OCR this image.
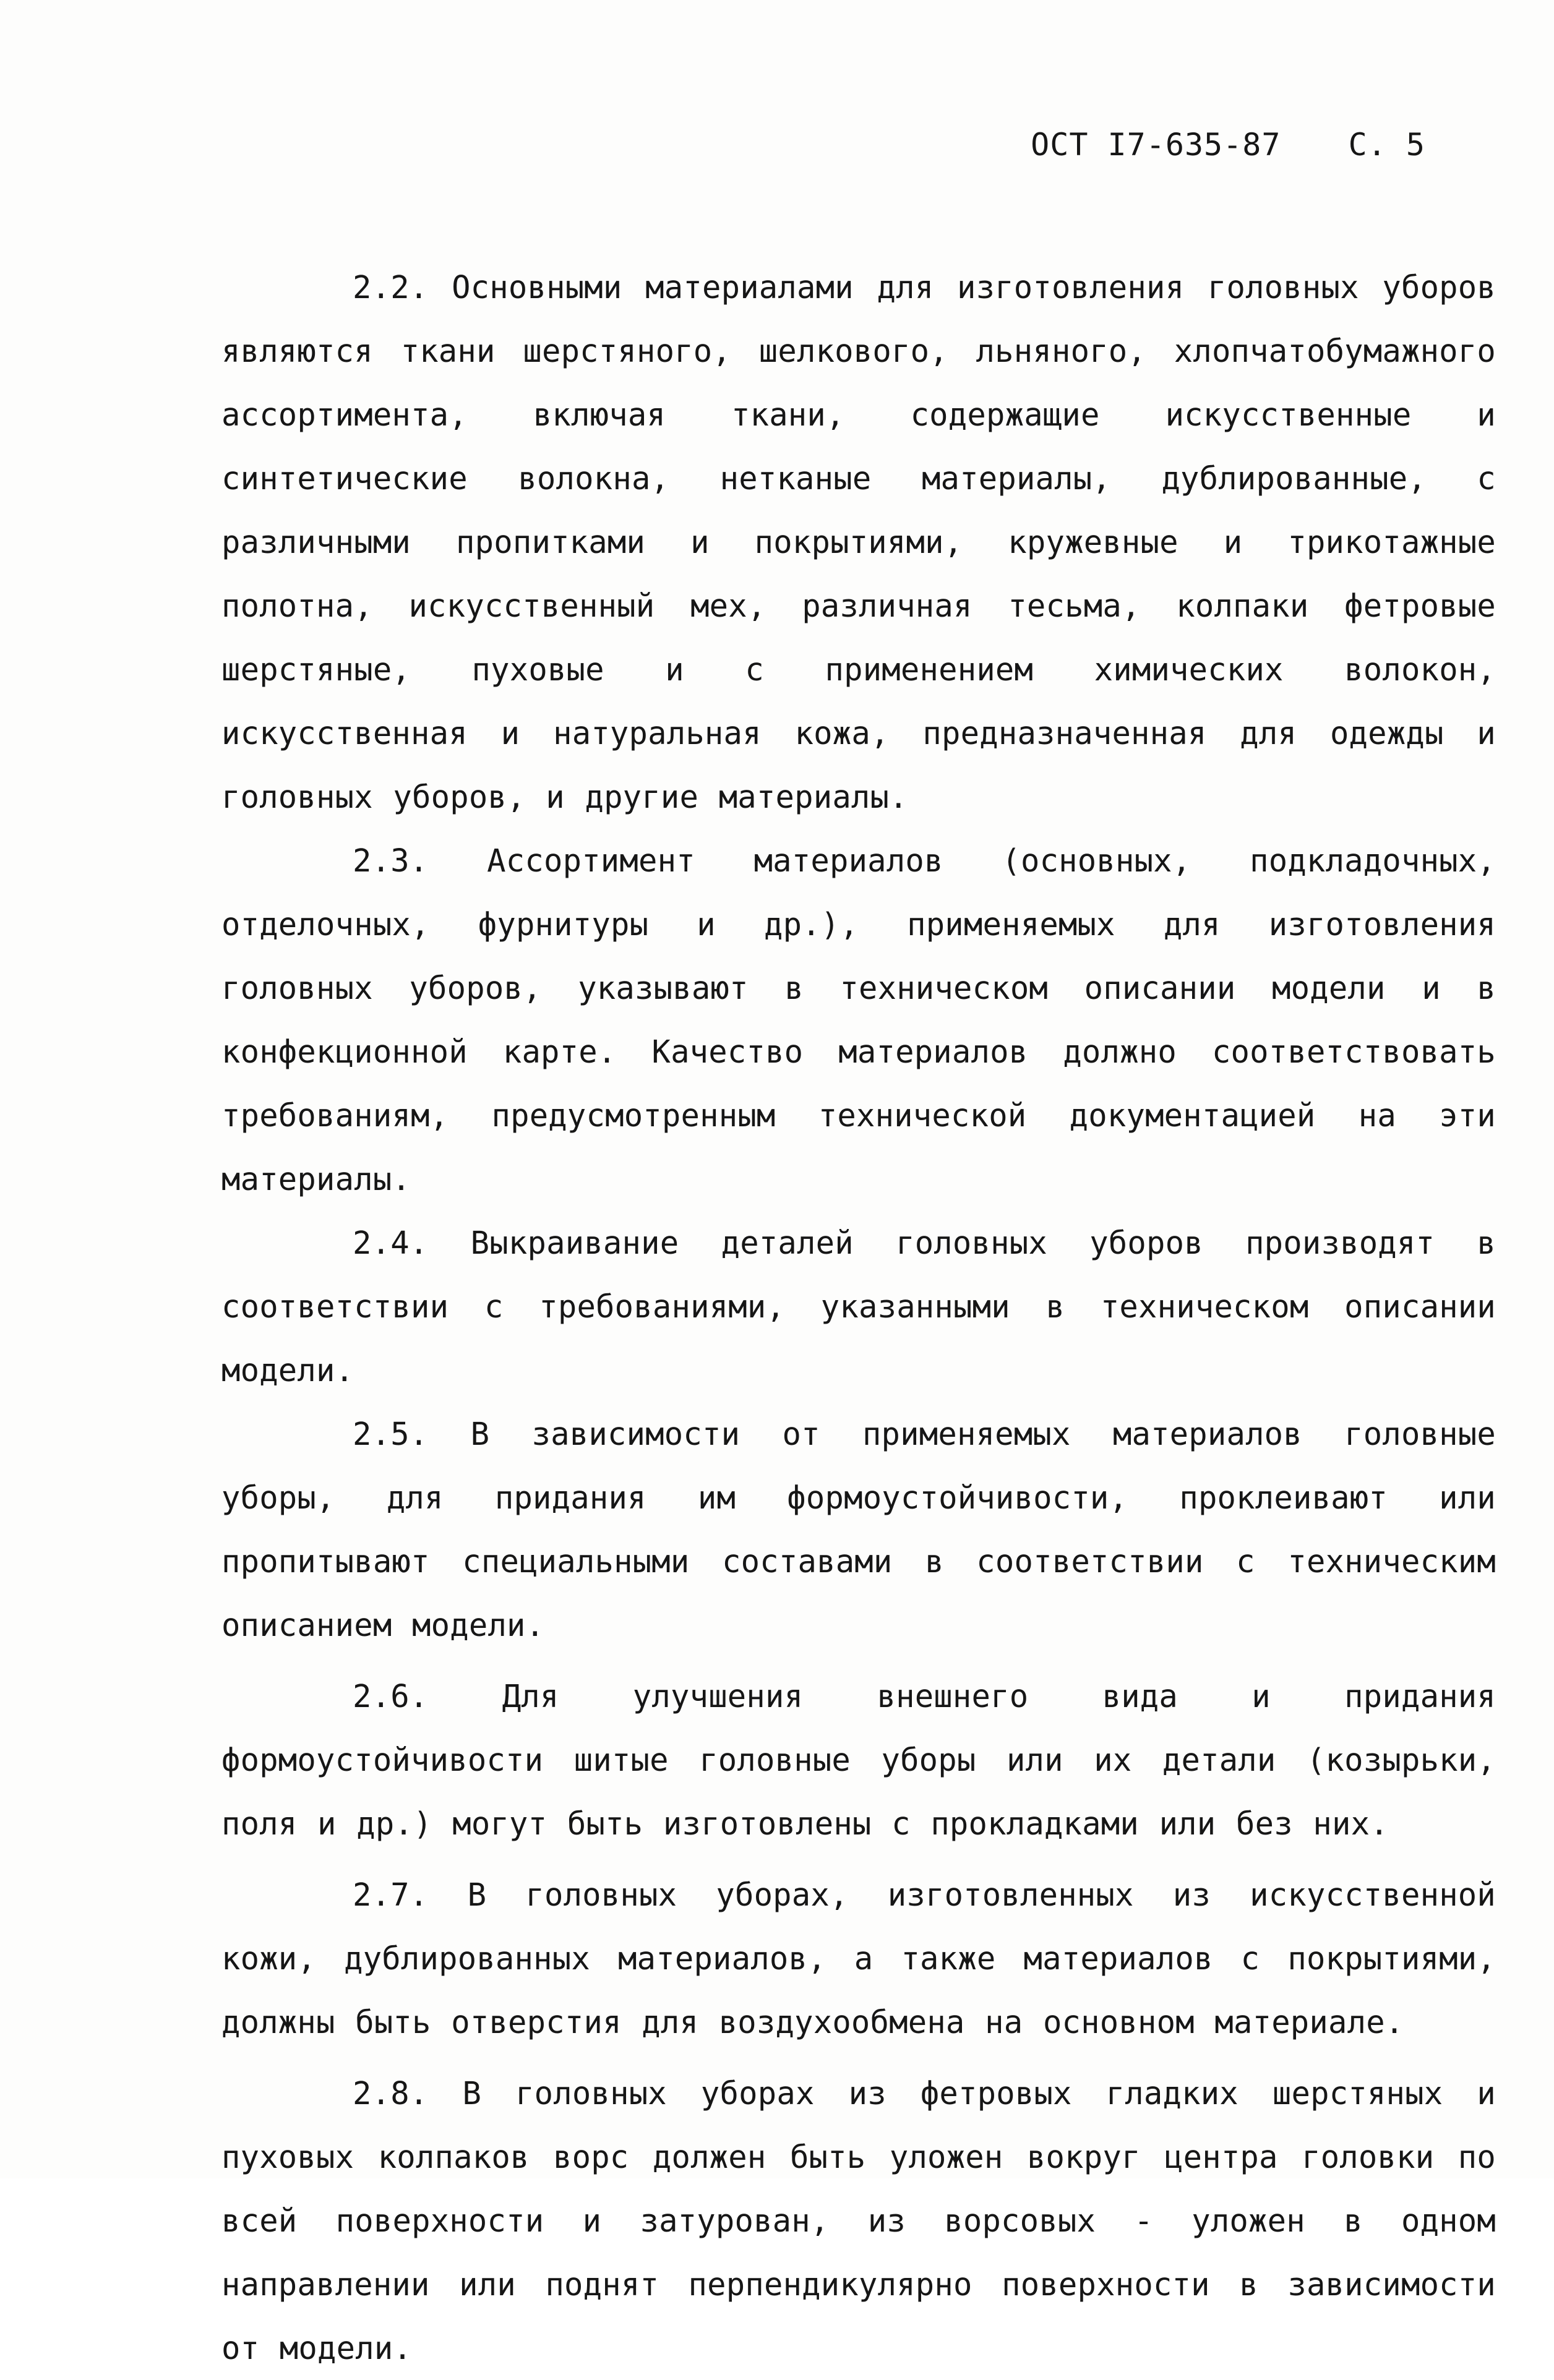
ОСТ I7-635-87 С. 5

2.2. Основными материалами для изготовления головных уборов являются ткани шерстяного, шелкового, льняного, хлопчатобумажного ассортимента, включая ткани, содержащие искусственные и синтетические волокна, нетканые материалы, дублированные, с различными пропитками и покрытиями, кружевные и трикотажные полотна, искусственный мех, различная тесьма, колпаки фетровые шерстяные, пуховые и с применением химических волокон, искусственная и натуральная кожа, предназначенная для одежды и головных уборов, и другие материалы.

2.3. Ассортимент материалов (основных, подкладочных, отделочных, фурнитуры и др.), применяемых для изготовления головных уборов, указывают в техническом описании модели и в конфекционной карте. Качество материалов должно соответствовать требованиям, предусмотренным технической документацией на эти материалы.

2.4. Выкраивание деталей головных уборов производят в соответствии с требованиями, указанными в техническом описании модели.

2.5. В зависимости от применяемых материалов головные уборы, для придания им формоустойчивости, проклеивают или пропитывают специальными составами в соответствии с техническим описанием модели.

2.6. Для улучшения внешнего вида и придания формоустойчивости шитые головные уборы или их детали (козырьки, поля и др.) могут быть изготовлены с прокладками или без них.

2.7. В головных уборах, изготовленных из искусственной кожи, дублированных материалов, а также материалов с покрытиями, должны быть отверстия для воздухообмена на основном материале.

2.8. В головных уборах из фетровых гладких шерстяных и пуховых колпаков ворс должен быть уложен вокруг центра головки по всей поверхности и затурован, из ворсовых - уложен в одном направлении или поднят перпендикулярно поверхности в зависимости от модели.
